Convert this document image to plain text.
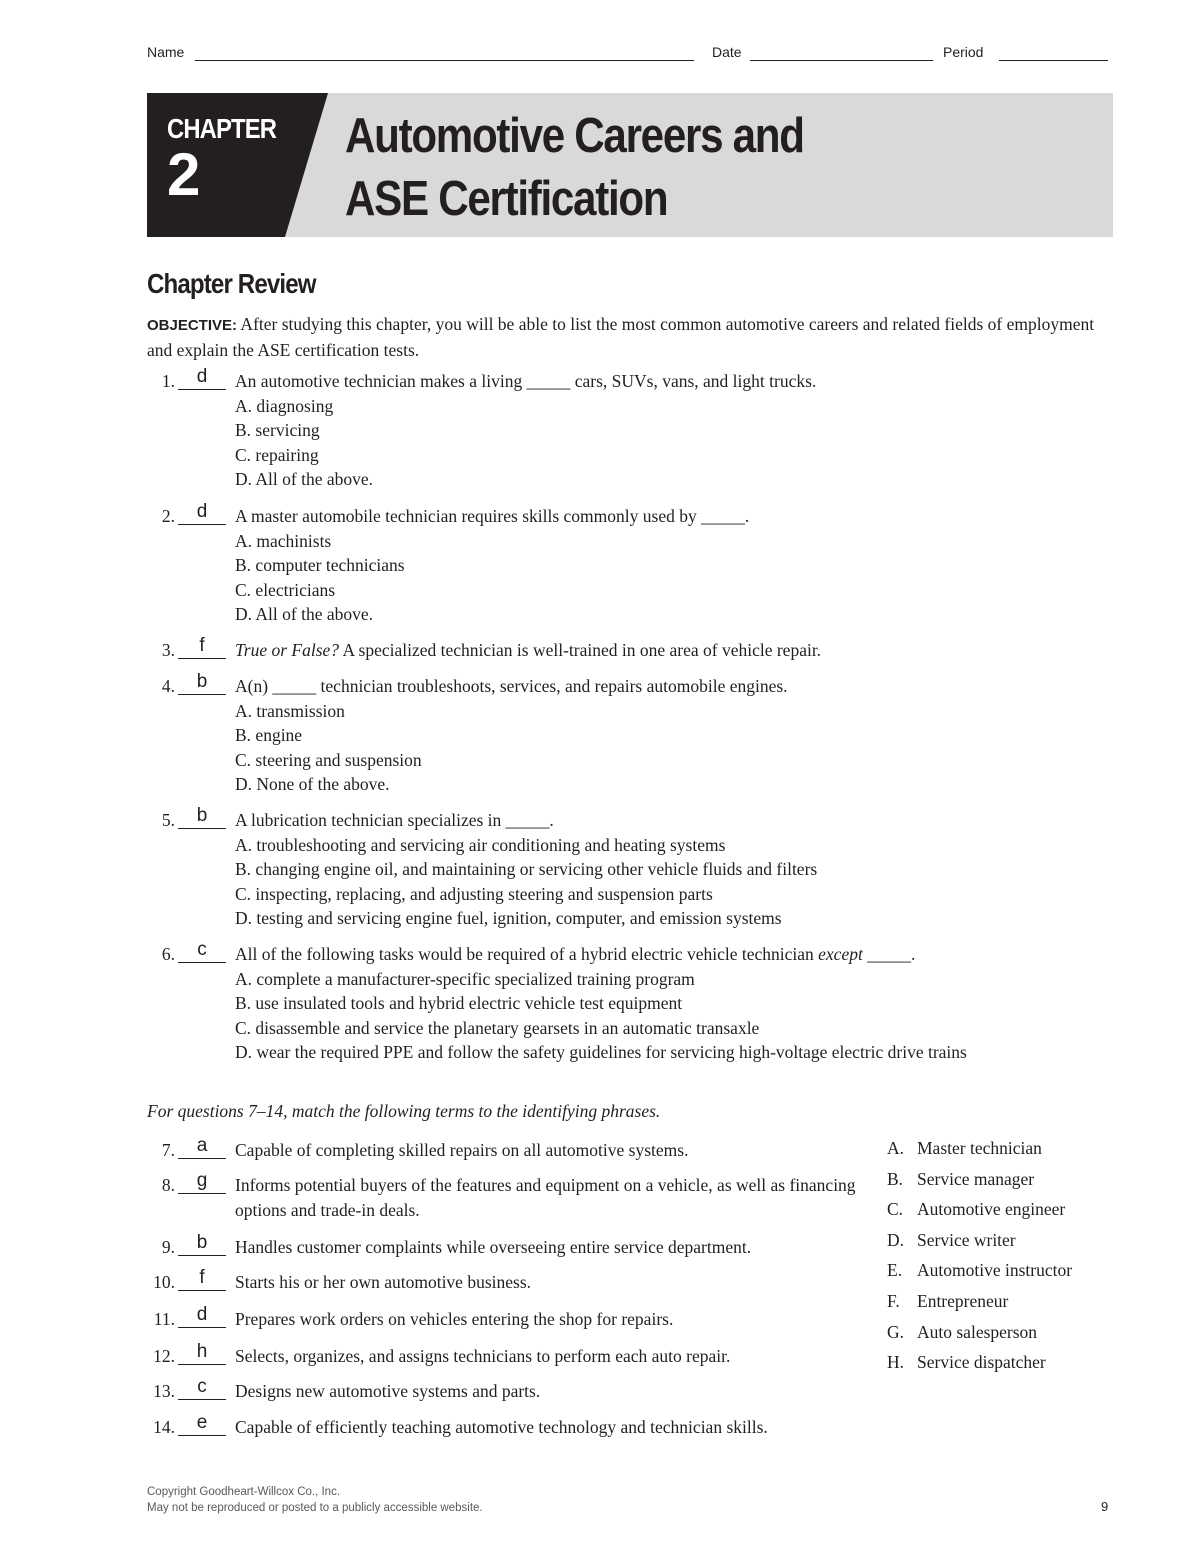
Name	Date	Period
CHAPTER
2
Automotive Careers and
ASE Certification
Chapter Review
OBJECTIVE: After studying this chapter, you will be able to list the most common automotive careers and related fields of employment and explain the ASE certification tests.
1.	d	An automotive technician makes a living _____ cars, SUVs, vans, and light trucks.
A. diagnosing
B. servicing
C. repairing
D. All of the above.
2.	d	A master automobile technician requires skills commonly used by _____.
A. machinists
B. computer technicians
C. electricians
D. All of the above.
3.	f	True or False? A specialized technician is well-trained in one area of vehicle repair.
4.	b	A(n) _____ technician troubleshoots, services, and repairs automobile engines.
A. transmission
B. engine
C. steering and suspension
D. None of the above.
5.	b	A lubrication technician specializes in _____.
A. troubleshooting and servicing air conditioning and heating systems
B. changing engine oil, and maintaining or servicing other vehicle fluids and filters
C. inspecting, replacing, and adjusting steering and suspension parts
D. testing and servicing engine fuel, ignition, computer, and emission systems
6.	c	All of the following tasks would be required of a hybrid electric vehicle technician except _____.
A. complete a manufacturer-specific specialized training program
B. use insulated tools and hybrid electric vehicle test equipment
C. disassemble and service the planetary gearsets in an automatic transaxle
D. wear the required PPE and follow the safety guidelines for servicing high-voltage electric drive trains
For questions 7–14, match the following terms to the identifying phrases.
7.	a	Capable of completing skilled repairs on all automotive systems.
8.	g	Informs potential buyers of the features and equipment on a vehicle, as well as financing options and trade-in deals.
9.	b	Handles customer complaints while overseeing entire service department.
10.	f	Starts his or her own automotive business.
11.	d	Prepares work orders on vehicles entering the shop for repairs.
12.	h	Selects, organizes, and assigns technicians to perform each auto repair.
13.	c	Designs new automotive systems and parts.
14.	e	Capable of efficiently teaching automotive technology and technician skills.
A. Master technician
B. Service manager
C. Automotive engineer
D. Service writer
E. Automotive instructor
F. Entrepreneur
G. Auto salesperson
H. Service dispatcher
Copyright Goodheart-Willcox Co., Inc.
May not be reproduced or posted to a publicly accessible website.	9
